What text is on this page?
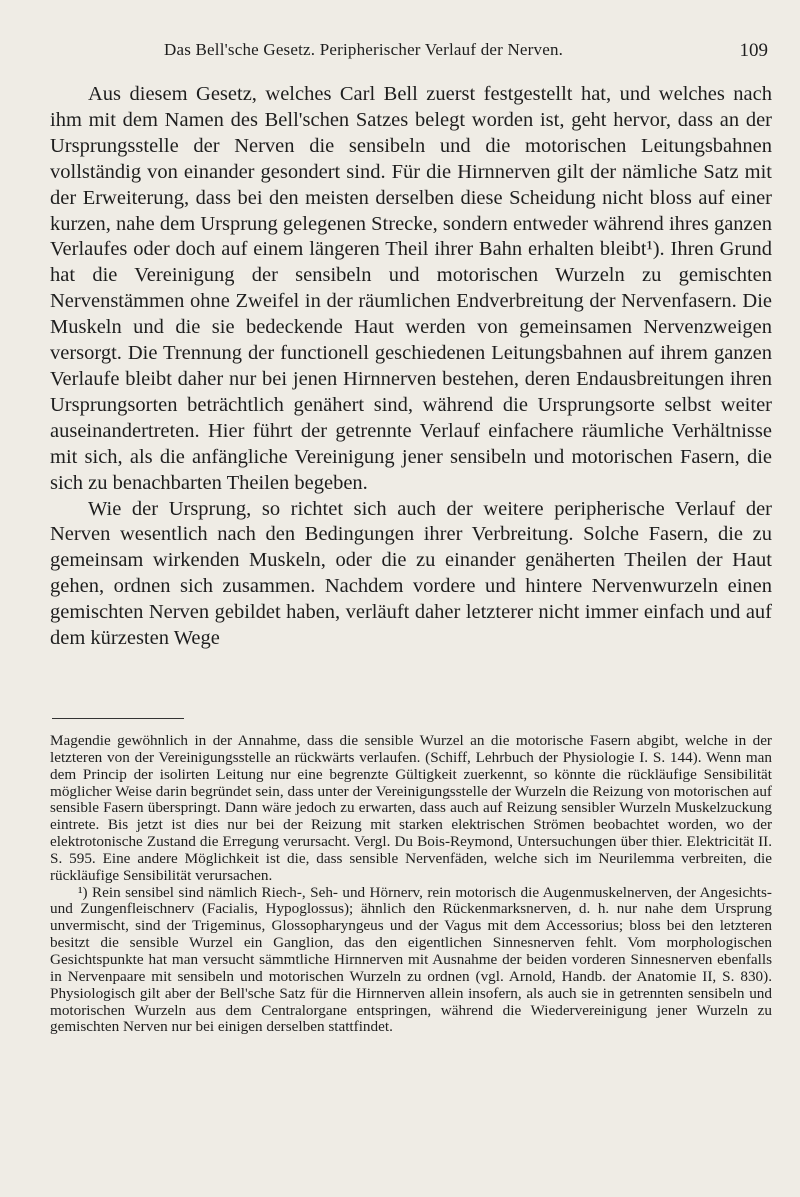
Das Bell'sche Gesetz. Peripherischer Verlauf der Nerven.	109

Aus diesem Gesetz, welches Carl Bell zuerst festgestellt hat, und welches nach ihm mit dem Namen des Bell'schen Satzes belegt worden ist, geht hervor, dass an der Ursprungsstelle der Nerven die sensibeln und die motorischen Leitungsbahnen vollständig von einander gesondert sind. Für die Hirnnerven gilt der nämliche Satz mit der Erweiterung, dass bei den meisten derselben diese Scheidung nicht bloss auf einer kurzen, nahe dem Ursprung gelegenen Strecke, sondern entweder während ihres ganzen Verlaufes oder doch auf einem längeren Theil ihrer Bahn erhalten bleibt¹). Ihren Grund hat die Vereinigung der sensibeln und motorischen Wurzeln zu gemischten Nervenstämmen ohne Zweifel in der räumlichen Endverbreitung der Nervenfasern. Die Muskeln und die sie bedeckende Haut werden von gemeinsamen Nervenzweigen versorgt. Die Trennung der functionell geschiedenen Leitungsbahnen auf ihrem ganzen Verlaufe bleibt daher nur bei jenen Hirnnerven bestehen, deren Endausbreitungen ihren Ursprungsorten beträchtlich genähert sind, während die Ursprungsorte selbst weiter auseinandertreten. Hier führt der getrennte Verlauf einfachere räumliche Verhältnisse mit sich, als die anfängliche Vereinigung jener sensibeln und motorischen Fasern, die sich zu benachbarten Theilen begeben.

Wie der Ursprung, so richtet sich auch der weitere peripherische Verlauf der Nerven wesentlich nach den Bedingungen ihrer Verbreitung. Solche Fasern, die zu gemeinsam wirkenden Muskeln, oder die zu einander genäherten Theilen der Haut gehen, ordnen sich zusammen. Nachdem vordere und hintere Nervenwurzeln einen gemischten Nerven gebildet haben, verläuft daher letzterer nicht immer einfach und auf dem kürzesten Wege

Magendie gewöhnlich in der Annahme, dass die sensible Wurzel an die motorische Fasern abgibt, welche in der letzteren von der Vereinigungsstelle an rückwärts verlaufen. (Schiff, Lehrbuch der Physiologie I. S. 144). Wenn man dem Princip der isolirten Leitung nur eine begrenzte Gültigkeit zuerkennt, so könnte die rückläufige Sensibilität möglicher Weise darin begründet sein, dass unter der Vereinigungsstelle der Wurzeln die Reizung von motorischen auf sensible Fasern überspringt. Dann wäre jedoch zu erwarten, dass auch auf Reizung sensibler Wurzeln Muskelzuckung eintrete. Bis jetzt ist dies nur bei der Reizung mit starken elektrischen Strömen beobachtet worden, wo der elektrotonische Zustand die Erregung verursacht. Vergl. Du Bois-Reymond, Untersuchungen über thier. Elektricität II. S. 595. Eine andere Möglichkeit ist die, dass sensible Nervenfäden, welche sich im Neurilemma verbreiten, die rückläufige Sensibilität verursachen.

¹) Rein sensibel sind nämlich Riech-, Seh- und Hörnerv, rein motorisch die Augenmuskelnerven, der Angesichts- und Zungenfleischnerv (Facialis, Hypoglossus); ähnlich den Rückenmarksnerven, d. h. nur nahe dem Ursprung unvermischt, sind der Trigeminus, Glossopharyngeus und der Vagus mit dem Accessorius; bloss bei den letzteren besitzt die sensible Wurzel ein Ganglion, das den eigentlichen Sinnesnerven fehlt. Vom morphologischen Gesichtspunkte hat man versucht sämmtliche Hirnnerven mit Ausnahme der beiden vorderen Sinnesnerven ebenfalls in Nervenpaare mit sensibeln und motorischen Wurzeln zu ordnen (vgl. Arnold, Handb. der Anatomie II, S. 830). Physiologisch gilt aber der Bell'sche Satz für die Hirnnerven allein insofern, als auch sie in getrennten sensibeln und motorischen Wurzeln aus dem Centralorgane entspringen, während die Wiedervereinigung jener Wurzeln zu gemischten Nerven nur bei einigen derselben stattfindet.
